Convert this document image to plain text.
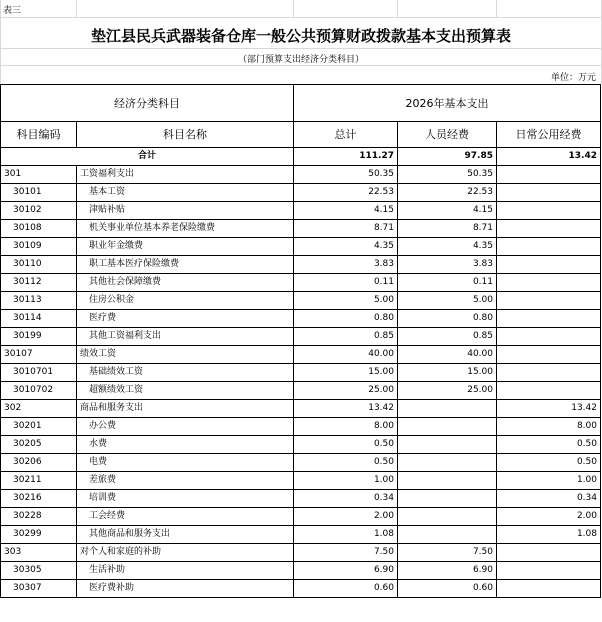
表三
垫江县民兵武器装备仓库一般公共预算财政拨款基本支出预算表
（部门预算支出经济分类科目）
单位：万元
经济分类科目		2026年基本支出		
科目编码	科目名称	总计	人员经费	日常公用经费
合计		111.27	97.85	13.42
301	工资福利支出	50.35	50.35	
30101	基本工资	22.53	22.53	
30102	津贴补贴	4.15	4.15	
30108	机关事业单位基本养老保险缴费	8.71	8.71	
30109	职业年金缴费	4.35	4.35	
30110	职工基本医疗保险缴费	3.83	3.83	
30112	其他社会保障缴费	0.11	0.11	
30113	住房公积金	5.00	5.00	
30114	医疗费	0.80	0.80	
30199	其他工资福利支出	0.85	0.85	
30107	绩效工资	40.00	40.00	
3010701	基础绩效工资	15.00	15.00	
3010702	超额绩效工资	25.00	25.00	
302	商品和服务支出	13.42		13.42
30201	办公费	8.00		8.00
30205	水费	0.50		0.50
30206	电费	0.50		0.50
30211	差旅费	1.00		1.00
30216	培训费	0.34		0.34
30228	工会经费	2.00		2.00
30299	其他商品和服务支出	1.08		1.08
303	对个人和家庭的补助	7.50	7.50	
30305	生活补助	6.90	6.90	
30307	医疗费补助	0.60	0.60	
